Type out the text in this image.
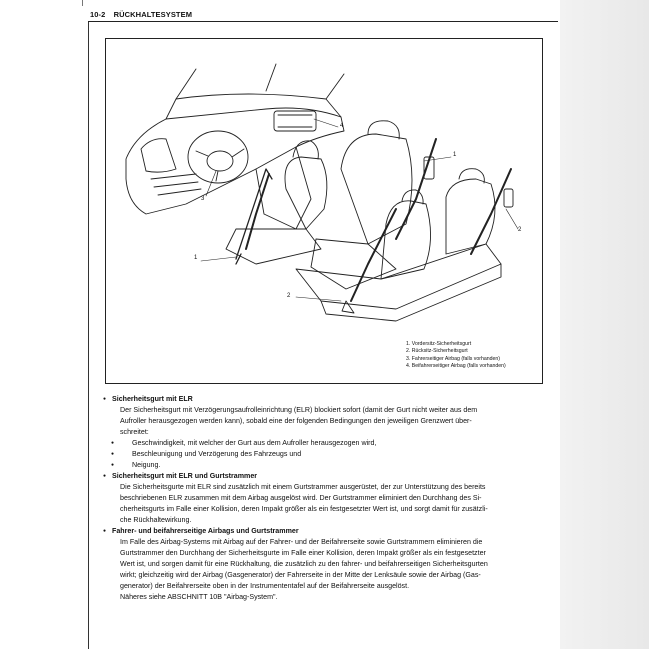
10-2 RÜCKHALTESYSTEM
1
1
2
2
3
4
1. Vordersitz-Sicherheitsgurt
2. Rücksitz-Sicherheitsgurt
3. Fahrerseitiger Airbag (falls vorhanden)
4. Beifahrerseitiger Airbag (falls vorhanden)
● Sicherheitsgurt mit ELR
Der Sicherheitsgurt mit Verzögerungsaufrolleinrichtung (ELR) blockiert sofort (damit der Gurt nicht weiter aus dem
Aufroller herausgezogen werden kann), sobald eine der folgenden Bedingungen den jeweiligen Grenzwert über-
schreitet:
●	Geschwindigkeit, mit welcher der Gurt aus dem Aufroller herausgezogen wird,
●	Beschleunigung und Verzögerung des Fahrzeugs und
●	Neigung.
● Sicherheitsgurt mit ELR und Gurtstrammer
Die Sicherheitsgurte mit ELR sind zusätzlich mit einem Gurtstrammer ausgerüstet, der zur Unterstützung des bereits
beschriebenen ELR zusammen mit dem Airbag ausgelöst wird. Der Gurtstrammer eliminiert den Durchhang des Si-
cherheitsgurts im Falle einer Kollision, deren Impakt größer als ein festgesetzter Wert ist, und sorgt damit für zusätzli-
che Rückhaltewirkung.
● Fahrer- und beifahrerseitige Airbags und Gurtstrammer
Im Falle des Airbag-Systems mit Airbag auf der Fahrer- und der Beifahrerseite sowie Gurtstrammern eliminieren die
Gurtstrammer den Durchhang der Sicherheitsgurte im Falle einer Kollision, deren Impakt größer als ein festgesetzter
Wert ist, und sorgen damit für eine Rückhaltung, die zusätzlich zu den fahrer- und beifahrerseitigen Sicherheitsgurten
wirkt; gleichzeitig wird der Airbag (Gasgenerator) der Fahrerseite in der Mitte der Lenksäule sowie der Airbag (Gas-
generator) der Beifahrerseite oben in der Instrumententafel auf der Beifahrerseite ausgelöst.
Näheres siehe ABSCHNITT 10B "Airbag-System".
